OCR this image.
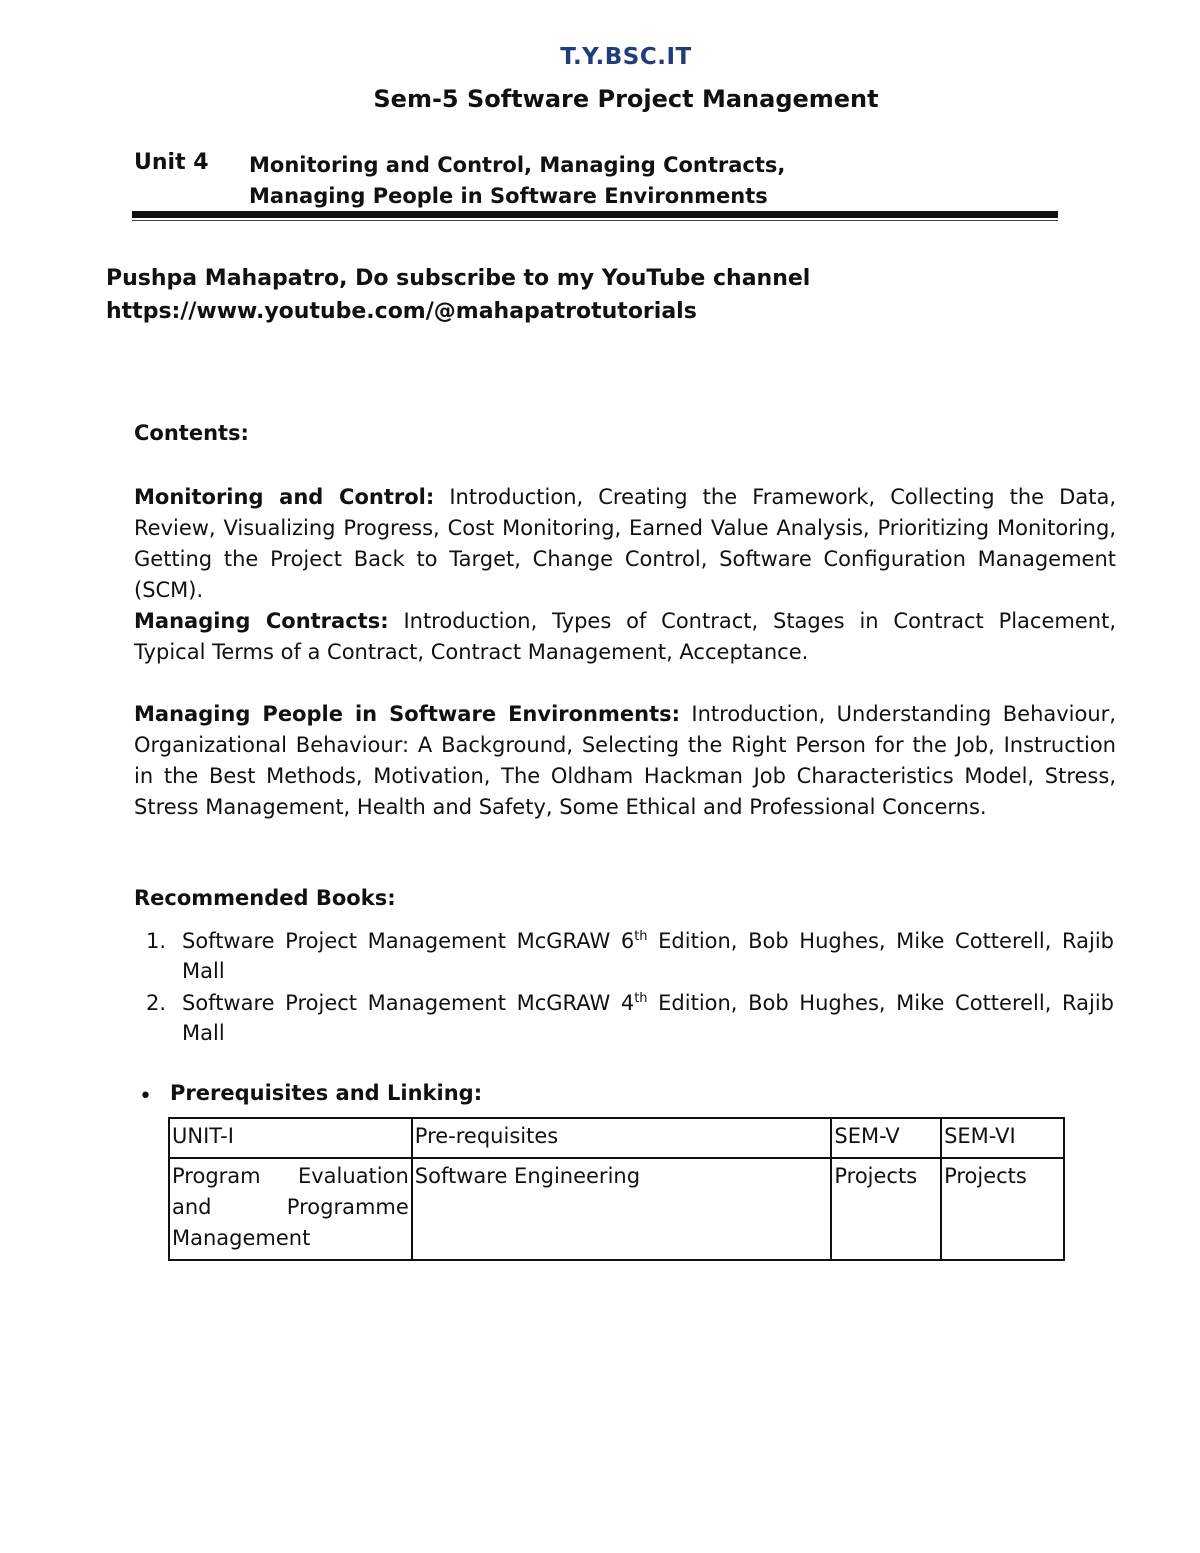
T.Y.BSC.IT
Sem-5 Software Project Management
Unit 4 Monitoring and Control, Managing Contracts,
Managing People in Software Environments
Pushpa Mahapatro, Do subscribe to my YouTube channel
https://www.youtube.com/@mahapatrotutorials
Contents:
Monitoring and Control: Introduction, Creating the Framework, Collecting the Data, Review, Visualizing Progress, Cost Monitoring, Earned Value Analysis, Prioritizing Monitoring, Getting the Project Back to Target, Change Control, Software Configuration Management (SCM).
Managing Contracts: Introduction, Types of Contract, Stages in Contract Placement, Typical Terms of a Contract, Contract Management, Acceptance.
Managing People in Software Environments: Introduction, Understanding Behaviour, Organizational Behaviour: A Background, Selecting the Right Person for the Job, Instruction in the Best Methods, Motivation, The Oldham Hackman Job Characteristics Model, Stress, Stress Management, Health and Safety, Some Ethical and Professional Concerns.
Recommended Books:
1. Software Project Management McGRAW 6th Edition, Bob Hughes, Mike Cotterell, Rajib Mall
2. Software Project Management McGRAW 4th Edition, Bob Hughes, Mike Cotterell, Rajib Mall
• Prerequisites and Linking:
UNIT-I	Pre-requisites	SEM-V	SEM-VI
Program Evaluation and Programme Management	Software Engineering	Projects	Projects
